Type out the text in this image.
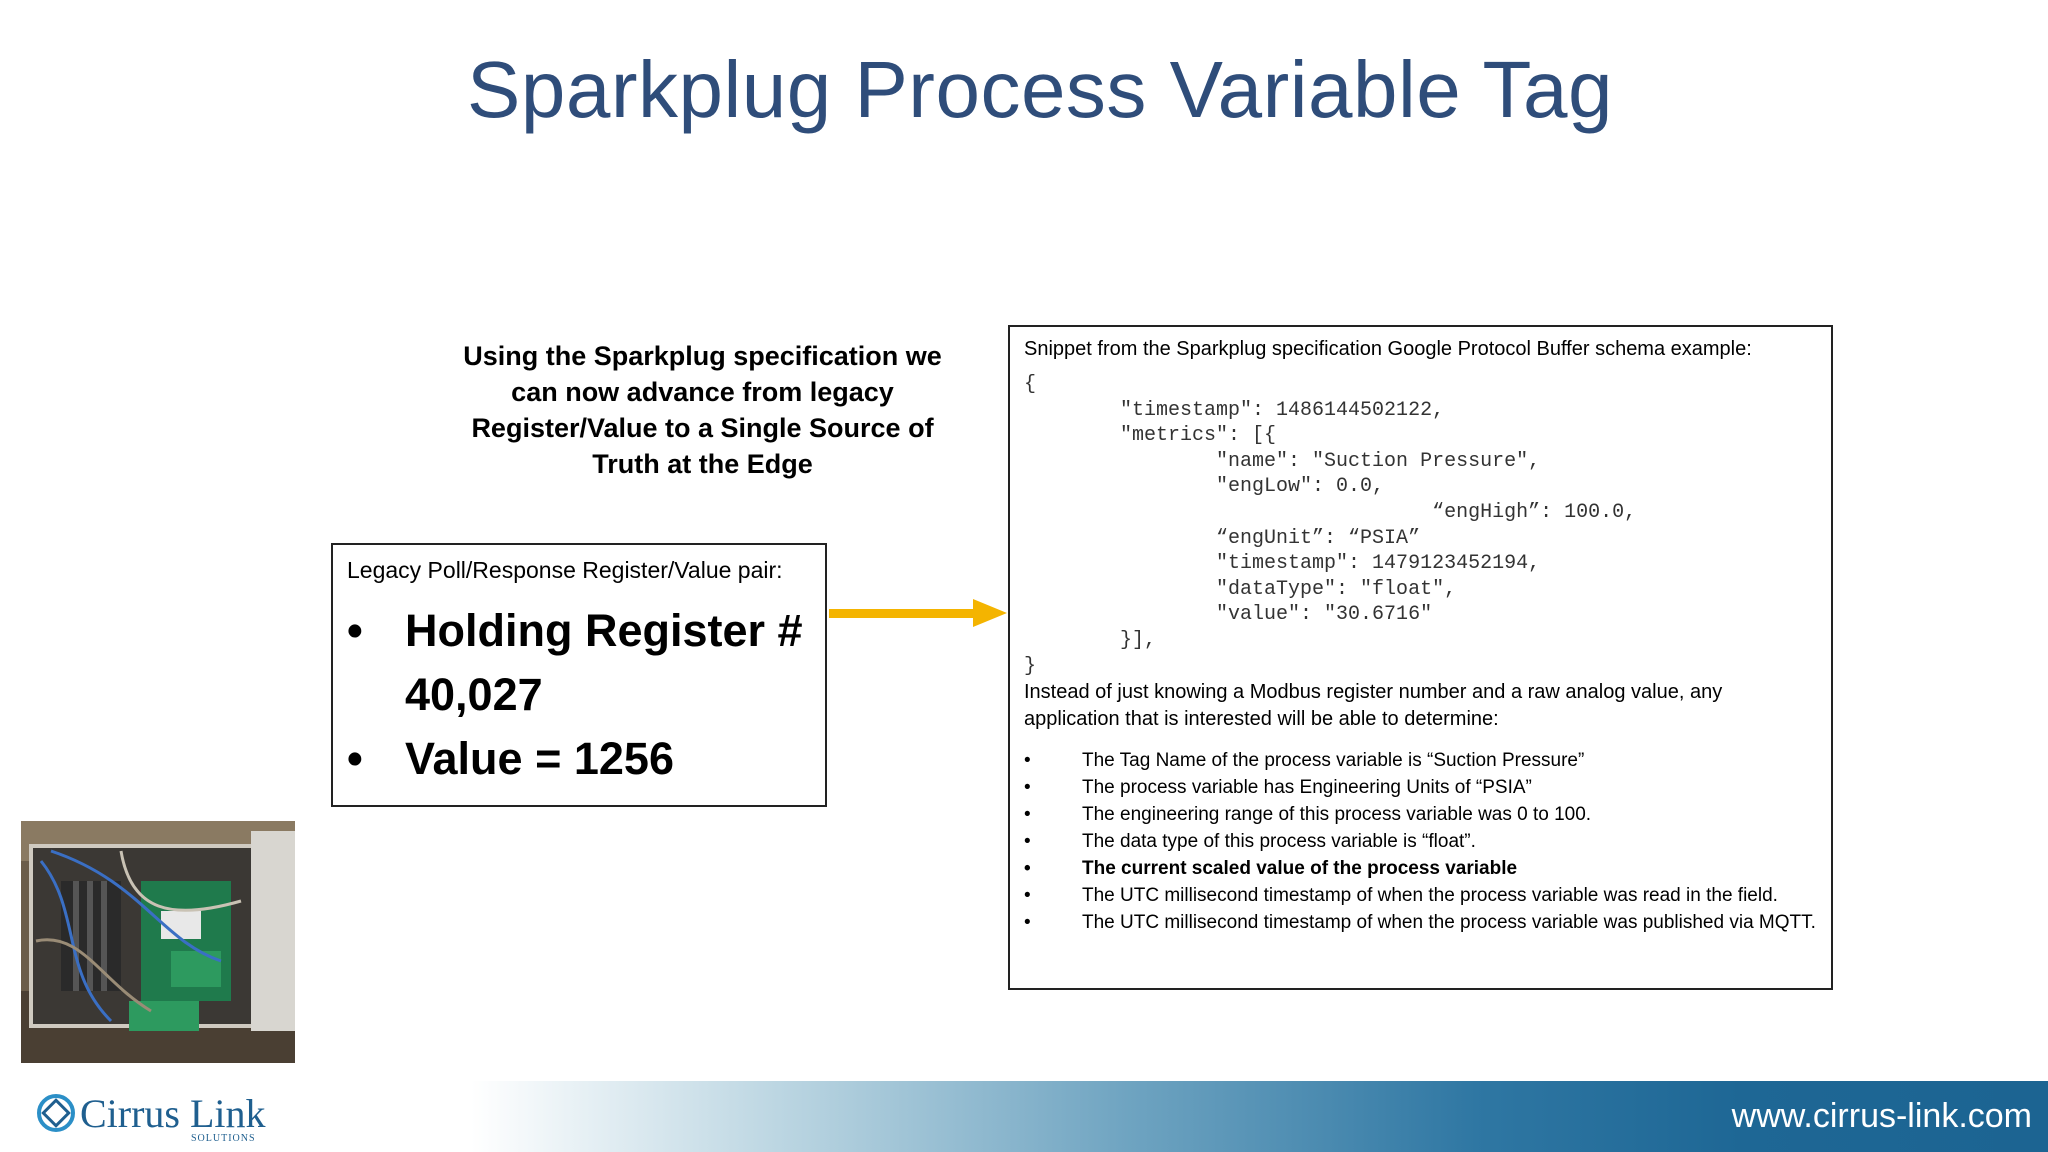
Sparkplug Process Variable Tag
Using the Sparkplug specification we can now advance from legacy Register/Value to a Single Source of Truth at the Edge
Legacy Poll/Response Register/Value pair:
• Holding Register # 40,027
• Value = 1256
Snippet from the Sparkplug specification Google Protocol Buffer schema example:
{
"timestamp": 1486144502122,
"metrics": [{
"name": "Suction Pressure",
"engLow": 0.0,
“engHigh”: 100.0,
“engUnit”: “PSIA”
"timestamp": 1479123452194,
"dataType": "float",
"value": "30.6716"
}],
}
Instead of just knowing a Modbus register number and a raw analog value, any application that is interested will be able to determine:
• The Tag Name of the process variable is “Suction Pressure”
• The process variable has Engineering Units of “PSIA”
• The engineering range of this process variable was 0 to 100.
• The data type of this process variable is “float”.
• The current scaled value of the process variable
• The UTC millisecond timestamp of when the process variable was read in the field.
• The UTC millisecond timestamp of when the process variable was published via MQTT.
Cirrus Link
SOLUTIONS
www.cirrus-link.com
